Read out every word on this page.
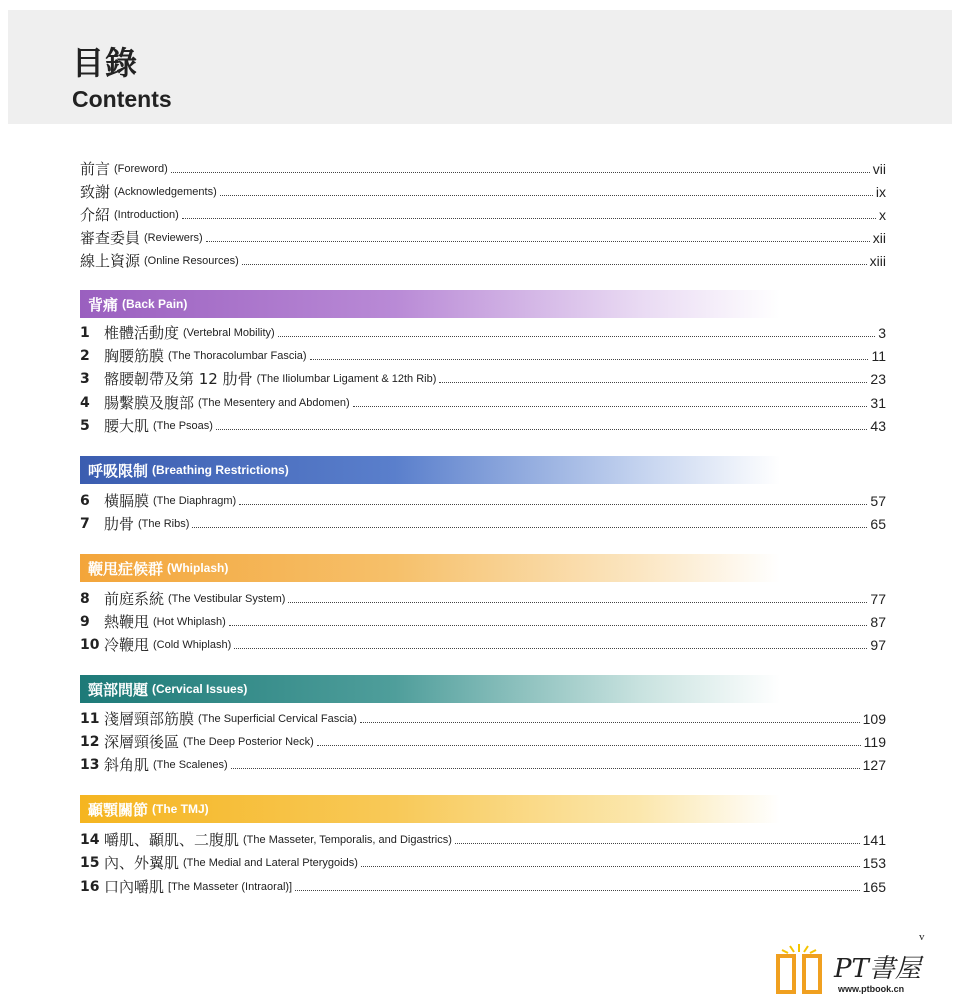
目錄
Contents
前言 (Foreword)	vii
致謝 (Acknowledgements)	ix
介紹 (Introduction)	x
審查委員 (Reviewers)	xii
線上資源 (Online Resources)	xiii
背痛 (Back Pain)
1 椎體活動度 (Vertebral Mobility)	3
2 胸腰筋膜 (The Thoracolumbar Fascia)	11
3 髂腰韌帶及第 12 肋骨 (The Iliolumbar Ligament & 12th Rib)	23
4 腸繫膜及腹部 (The Mesentery and Abdomen)	31
5 腰大肌 (The Psoas)	43
呼吸限制 (Breathing Restrictions)
6 橫膈膜 (The Diaphragm)	57
7 肋骨 (The Ribs)	65
鞭甩症候群 (Whiplash)
8 前庭系統 (The Vestibular System)	77
9 熱鞭甩 (Hot Whiplash)	87
10 冷鞭甩 (Cold Whiplash)	97
頸部問題 (Cervical Issues)
11 淺層頸部筋膜 (The Superficial Cervical Fascia)	109
12 深層頸後區 (The Deep Posterior Neck)	119
13 斜角肌 (The Scalenes)	127
顳顎關節 (The TMJ)
14 嚼肌、顳肌、二腹肌 (The Masseter, Temporalis, and Digastrics)	141
15 內、外翼肌 (The Medial and Lateral Pterygoids)	153
16 口內嚼肌 [The Masseter (Intraoral)]	165
v
PT書屋
www.ptbook.cn
